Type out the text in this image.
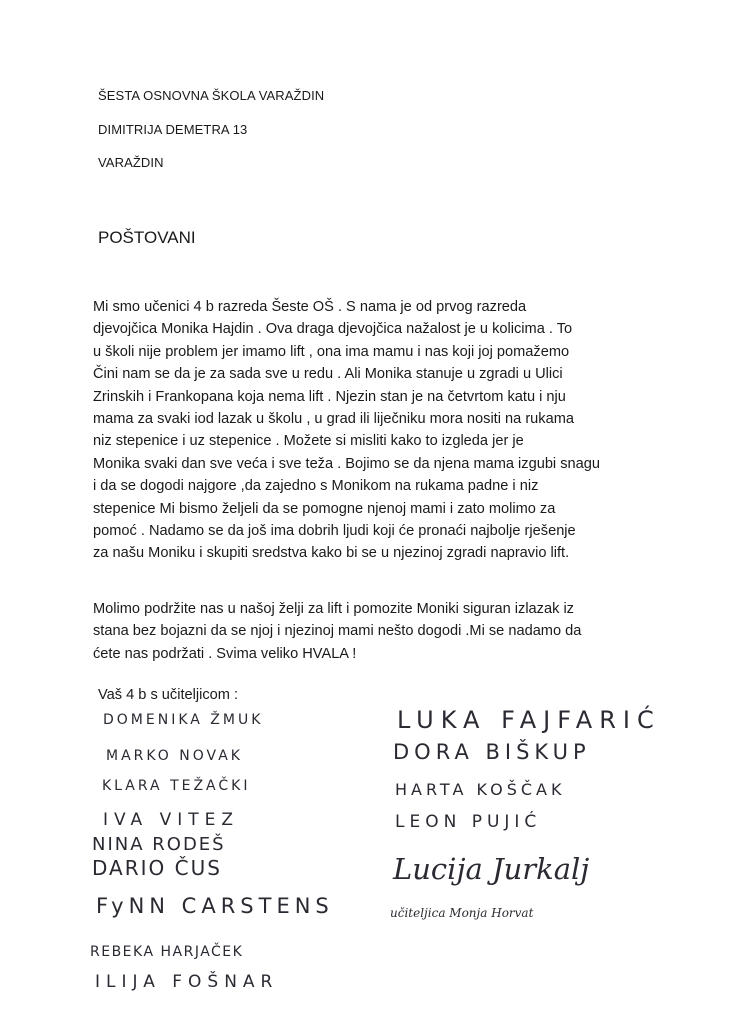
ŠESTA OSNOVNA ŠKOLA VARAŽDIN
DIMITRIJA DEMETRA 13
VARAŽDIN
POŠTOVANI
Mi smo učenici 4 b razreda Šeste OŠ . S nama je od prvog razreda
djevojčica Monika Hajdin . Ova draga djevojčica nažalost je u kolicima . To
u školi nije problem jer imamo lift , ona ima mamu i nas koji joj pomažemo
Čini nam se da je za sada sve u redu . Ali Monika stanuje u zgradi u Ulici
Zrinskih i Frankopana koja nema lift . Njezin stan je na četvrtom katu i nju
mama za svaki iod lazak u školu , u grad ili liječniku mora nositi na rukama
niz stepenice i uz stepenice . Možete si misliti kako to izgleda jer je
Monika svaki dan sve veća i sve teža . Bojimo se da njena mama izgubi snagu
i da se dogodi najgore ,da zajedno s Monikom na rukama padne i niz
stepenice Mi bismo željeli da se pomogne njenoj mami i zato molimo za
pomoć . Nadamo se da još ima dobrih ljudi koji će pronaći najbolje rješenje
za našu Moniku i skupiti sredstva kako bi se u njezinoj zgradi napravio lift.
Molimo podržite nas u našoj želji za lift i pomozite Moniki siguran izlazak iz
stana bez bojazni da se njoj i njezinoj mami nešto dogodi .Mi se nadamo da
ćete nas podržati . Svima veliko HVALA !
Vaš 4 b s učiteljicom :
DOMENIKA ŽMUK
MARKO NOVAK
KLARA TEŽAČKI
IVA VITEZ
NINA RODEŠ
DARIO ČUS
FyNN CARSTENS
REBEKA HARJAČEK
ILIJA FOŠNAR
LUKA FAJFARIĆ
DORA BIŠKUP
HARTA KOŠČAK
LEON PUJIĆ
Lucija Jurkalj
učiteljica Monja Horvat
